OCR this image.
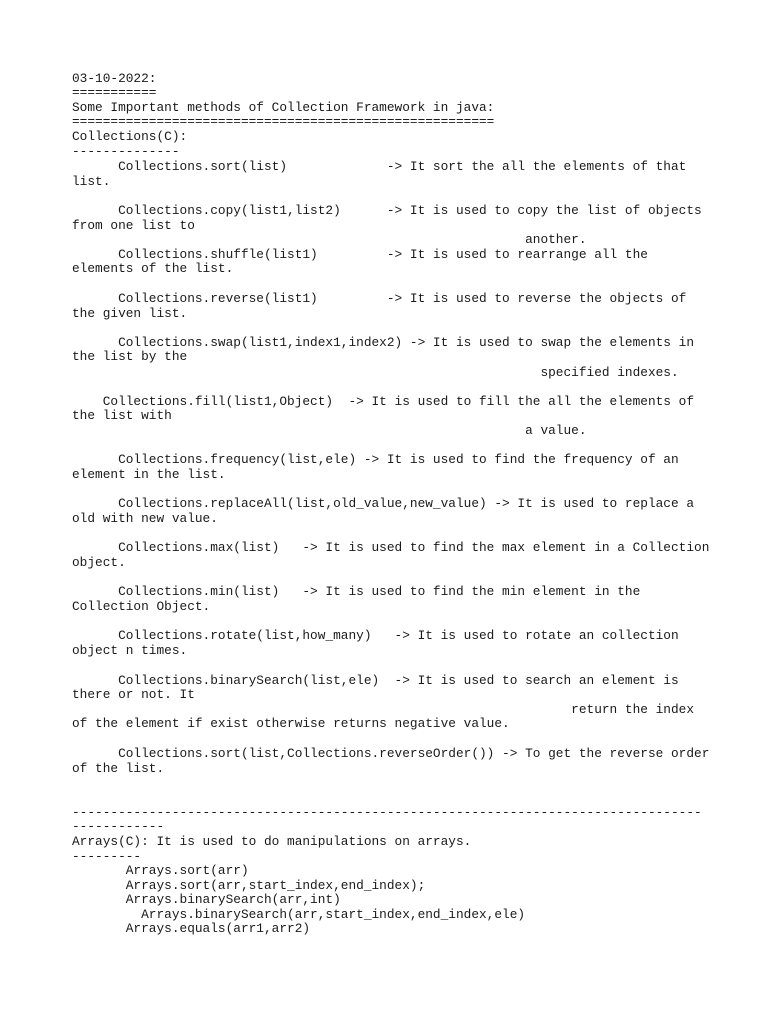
03-10-2022:
===========
Some Important methods of Collection Framework in java:
=======================================================
Collections(C):
--------------
Collections.sort(list)             -> It sort the all the elements of that
list.
Collections.copy(list1,list2)      -> It is used to copy the list of objects
from one list to
another.
Collections.shuffle(list1)         -> It is used to rearrange all the
elements of the list.
Collections.reverse(list1)         -> It is used to reverse the objects of
the given list.
Collections.swap(list1,index1,index2) -> It is used to swap the elements in
the list by the
specified indexes.
Collections.fill(list1,Object)  -> It is used to fill the all the elements of
the list with
a value.
Collections.frequency(list,ele) -> It is used to find the frequency of an
element in the list.
Collections.replaceAll(list,old_value,new_value) -> It is used to replace a
old with new value.
Collections.max(list)   -> It is used to find the max element in a Collection
object.
Collections.min(list)   -> It is used to find the min element in the
Collection Object.
Collections.rotate(list,how_many)   -> It is used to rotate an collection
object n times.
Collections.binarySearch(list,ele)  -> It is used to search an element is
there or not. It
return the index
of the element if exist otherwise returns negative value.
Collections.sort(list,Collections.reverseOrder()) -> To get the reverse order
of the list.
----------------------------------------------------------------------------------
------------
Arrays(C): It is used to do manipulations on arrays.
---------
Arrays.sort(arr)
Arrays.sort(arr,start_index,end_index);
Arrays.binarySearch(arr,int)
Arrays.binarySearch(arr,start_index,end_index,ele)
Arrays.equals(arr1,arr2)
